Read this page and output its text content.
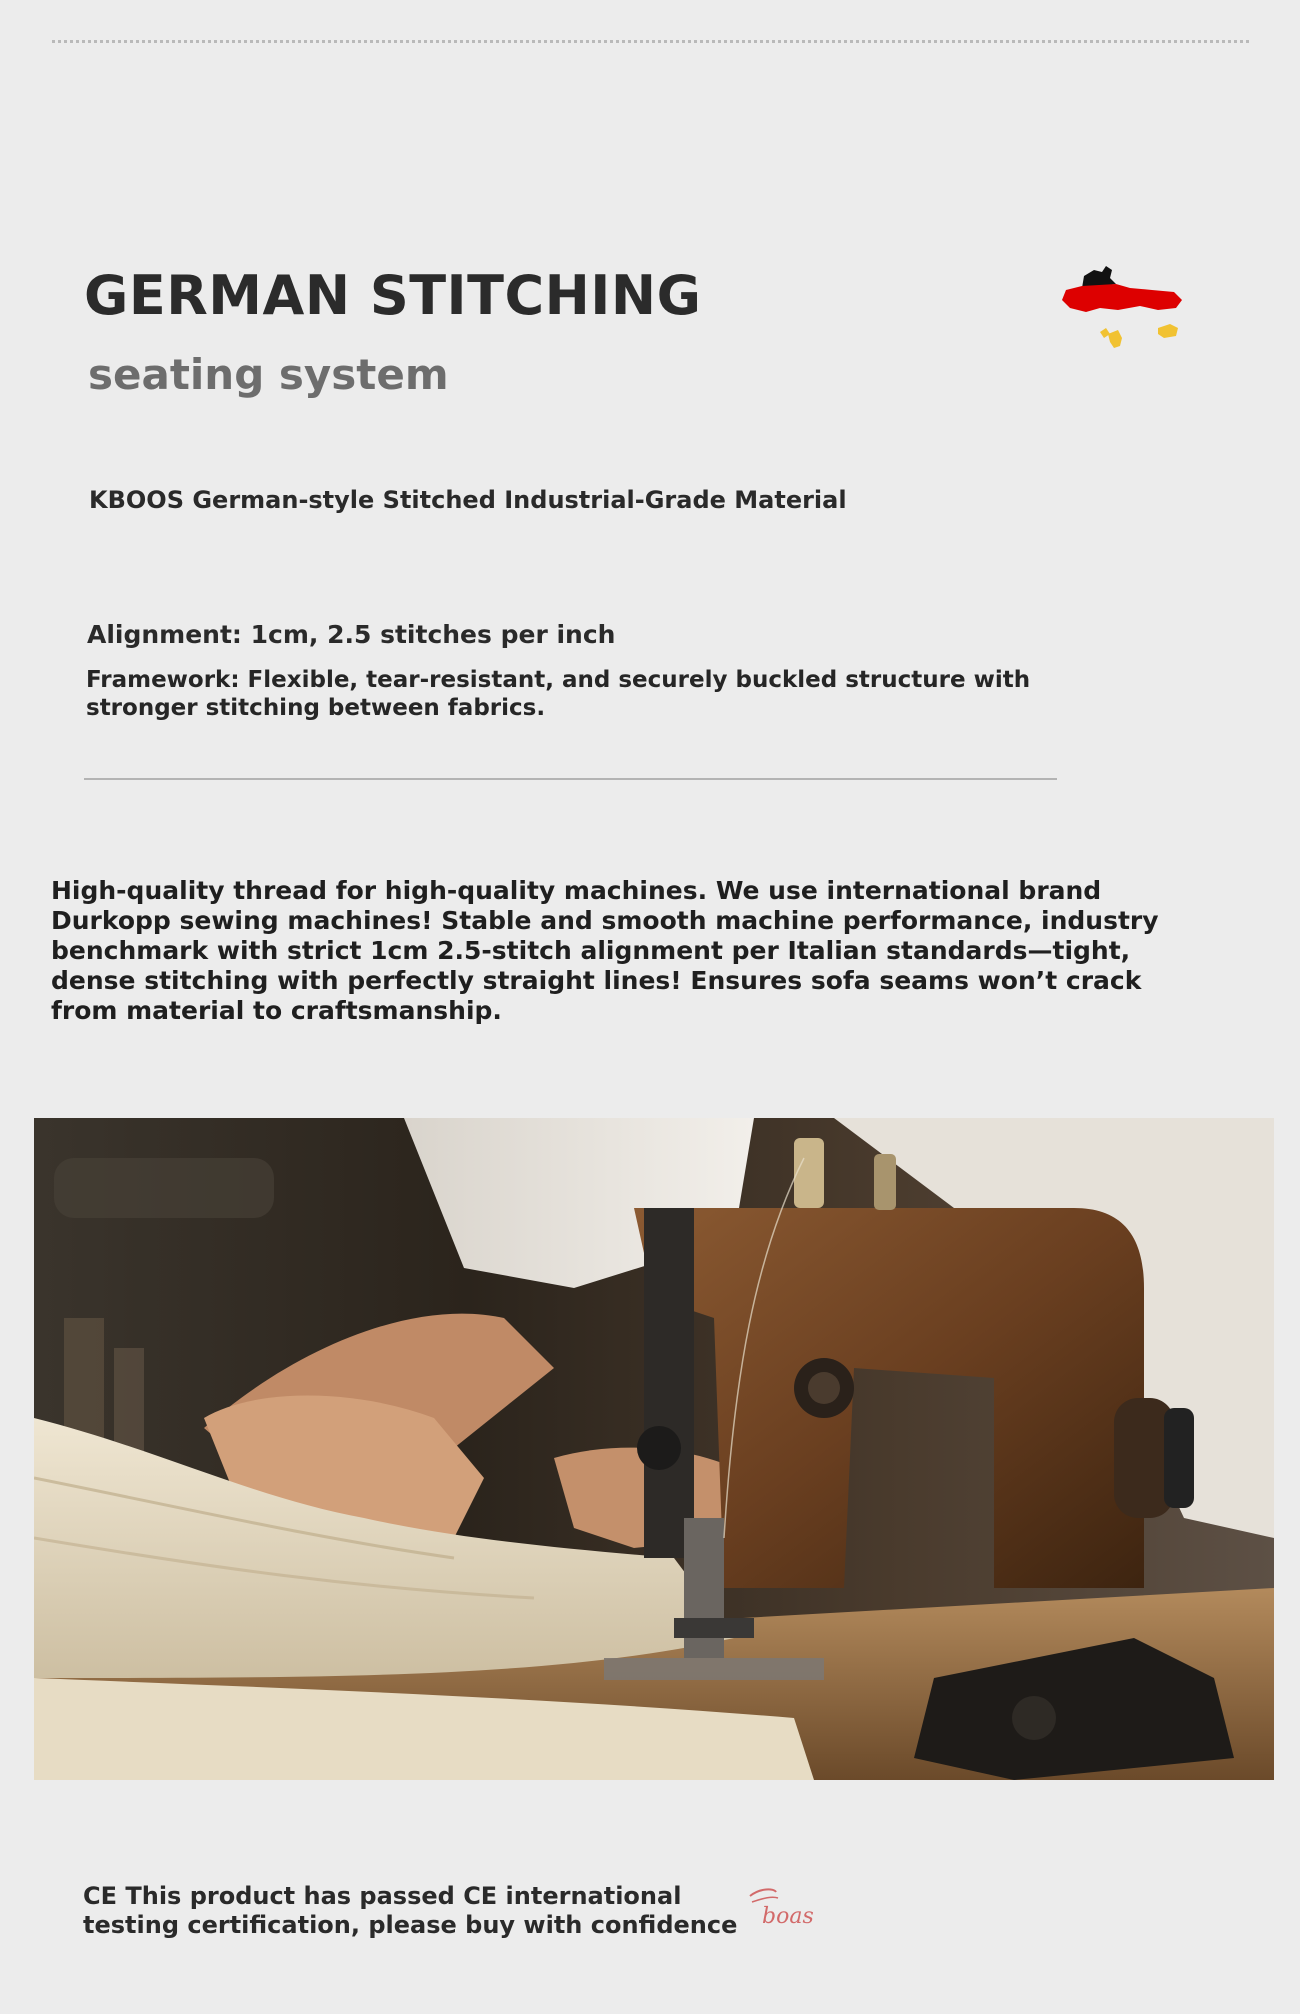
GERMAN STITCHING
seating system

KBOOS German-style Stitched Industrial-Grade Material

Alignment: 1cm, 2.5 stitches per inch

Framework: Flexible, tear-resistant, and securely buckled structure with stronger stitching between fabrics.

High-quality thread for high-quality machines. We use international brand Durkopp sewing machines! Stable and smooth machine performance, industry benchmark with strict 1cm 2.5-stitch alignment per Italian standards—tight, dense stitching with perfectly straight lines! Ensures sofa seams won’t crack from material to craftsmanship.

CE This product has passed CE international testing certification, please buy with confidence boas
